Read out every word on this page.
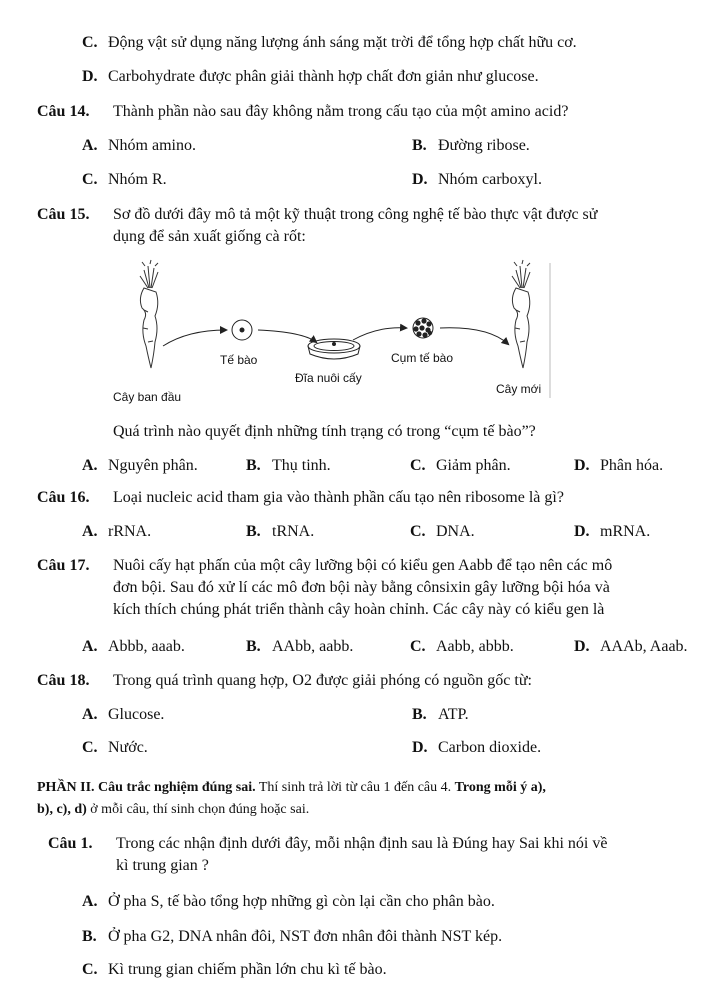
C. Động vật sử dụng năng lượng ánh sáng mặt trời để tổng hợp chất hữu cơ.
D. Carbohydrate được phân giải thành hợp chất đơn giản như glucose.
Câu 14. Thành phần nào sau đây không nằm trong cấu tạo của một amino acid?
A. Nhóm amino.	B. Đường ribose.
C. Nhóm R.	D. Nhóm carboxyl.
Câu 15. Sơ đồ dưới đây mô tả một kỹ thuật trong công nghệ tế bào thực vật được sử
dụng để sản xuất giống cà rốt:
Tế bào
Đĩa nuôi cấy
Cụm tế bào
Cây ban đầu
Cây mới
Quá trình nào quyết định những tính trạng có trong “cụm tế bào”?
A. Nguyên phân.	B. Thụ tinh.	C. Giảm phân.	D. Phân hóa.
Câu 16. Loại nucleic acid tham gia vào thành phần cấu tạo nên ribosome là gì?
A. rRNA.	B. tRNA.	C. DNA.	D. mRNA.
Câu 17. Nuôi cấy hạt phấn của một cây lưỡng bội có kiểu gen Aabb để tạo nên các mô
đơn bội. Sau đó xử lí các mô đơn bội này bằng cônsixin gây lưỡng bội hóa và
kích thích chúng phát triển thành cây hoàn chỉnh. Các cây này có kiểu gen là
A. Abbb, aaab.	B. AAbb, aabb.	C. Aabb, abbb.	D. AAAb, Aaab.
Câu 18. Trong quá trình quang hợp, O2 được giải phóng có nguồn gốc từ:
A. Glucose.	B. ATP.
C. Nước.	D. Carbon dioxide.
PHẦN II. Câu trắc nghiệm đúng sai. Thí sinh trả lời từ câu 1 đến câu 4. Trong mỗi ý a),
b), c), d) ở mỗi câu, thí sinh chọn đúng hoặc sai.
Câu 1. Trong các nhận định dưới đây, mỗi nhận định sau là Đúng hay Sai khi nói về
kì trung gian ?
A. Ở pha S, tế bào tổng hợp những gì còn lại cần cho phân bào.
B. Ở pha G2, DNA nhân đôi, NST đơn nhân đôi thành NST kép.
C. Kì trung gian chiếm phần lớn chu kì tế bào.
